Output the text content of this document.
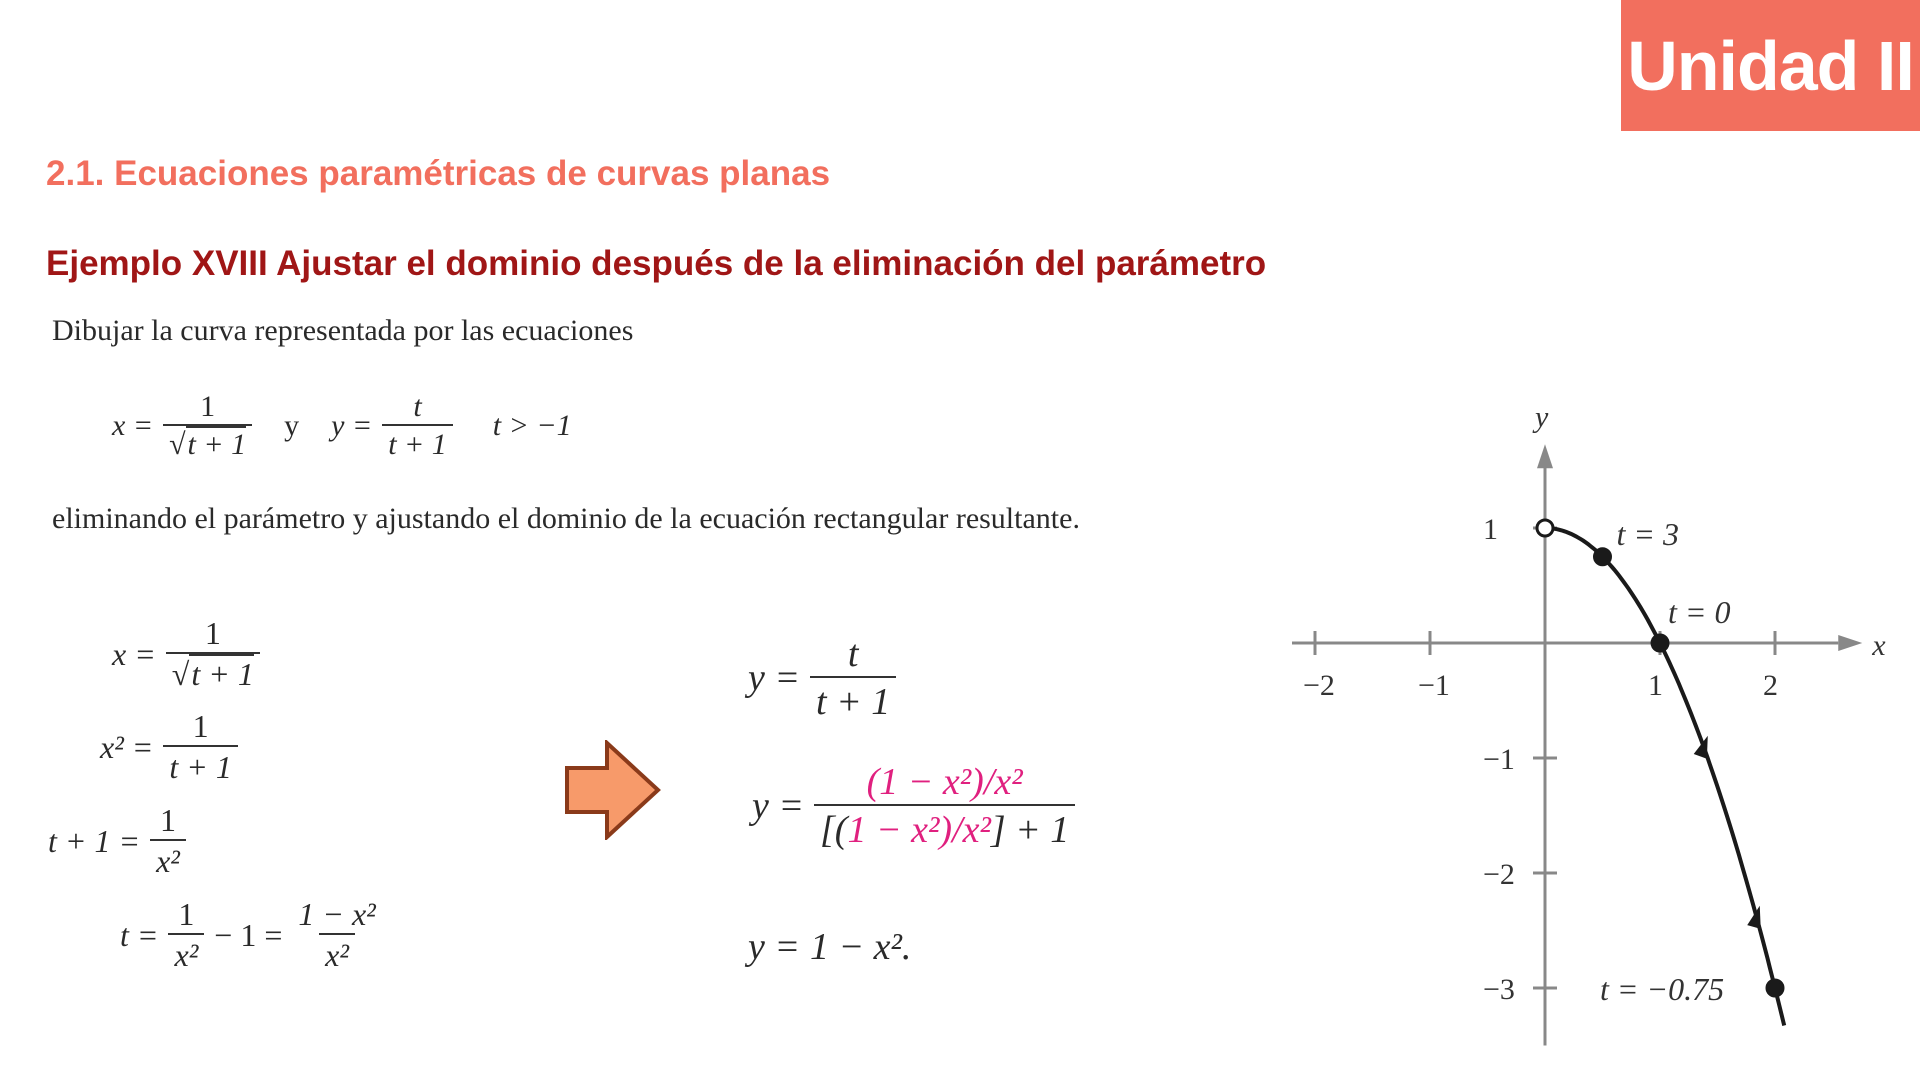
Unidad II
2.1. Ecuaciones paramétricas de curvas planas
Ejemplo XVIII Ajustar el dominio después de la eliminación del parámetro
Dibujar la curva representada por las ecuaciones
$x = \frac{1}{√t + 1}$ y $y = \frac{t}{t + 1}$ t > −1
eliminando el parámetro y ajustando el dominio de la ecuación rectangular resultante.
$x = \frac{1}{√t + 1}$
$x^2 = \frac{1}{t + 1}$
$t + 1 = \frac{1}{\text{x²}}$
$t = \frac{1}{\text{x²}} - 1 = \frac{\text{1 − x²}}{\text{x²}}$
$y = \frac{t}{t + 1}$
$y = \frac{\text{(1 − x²)/x²}}{\text{[(1 − x²)/x²] + 1}}$
y = 1 − x².
x
y
−2	−1	1	2
1
−1
−2
−3
t = 3
t = 0
t = −0.75
